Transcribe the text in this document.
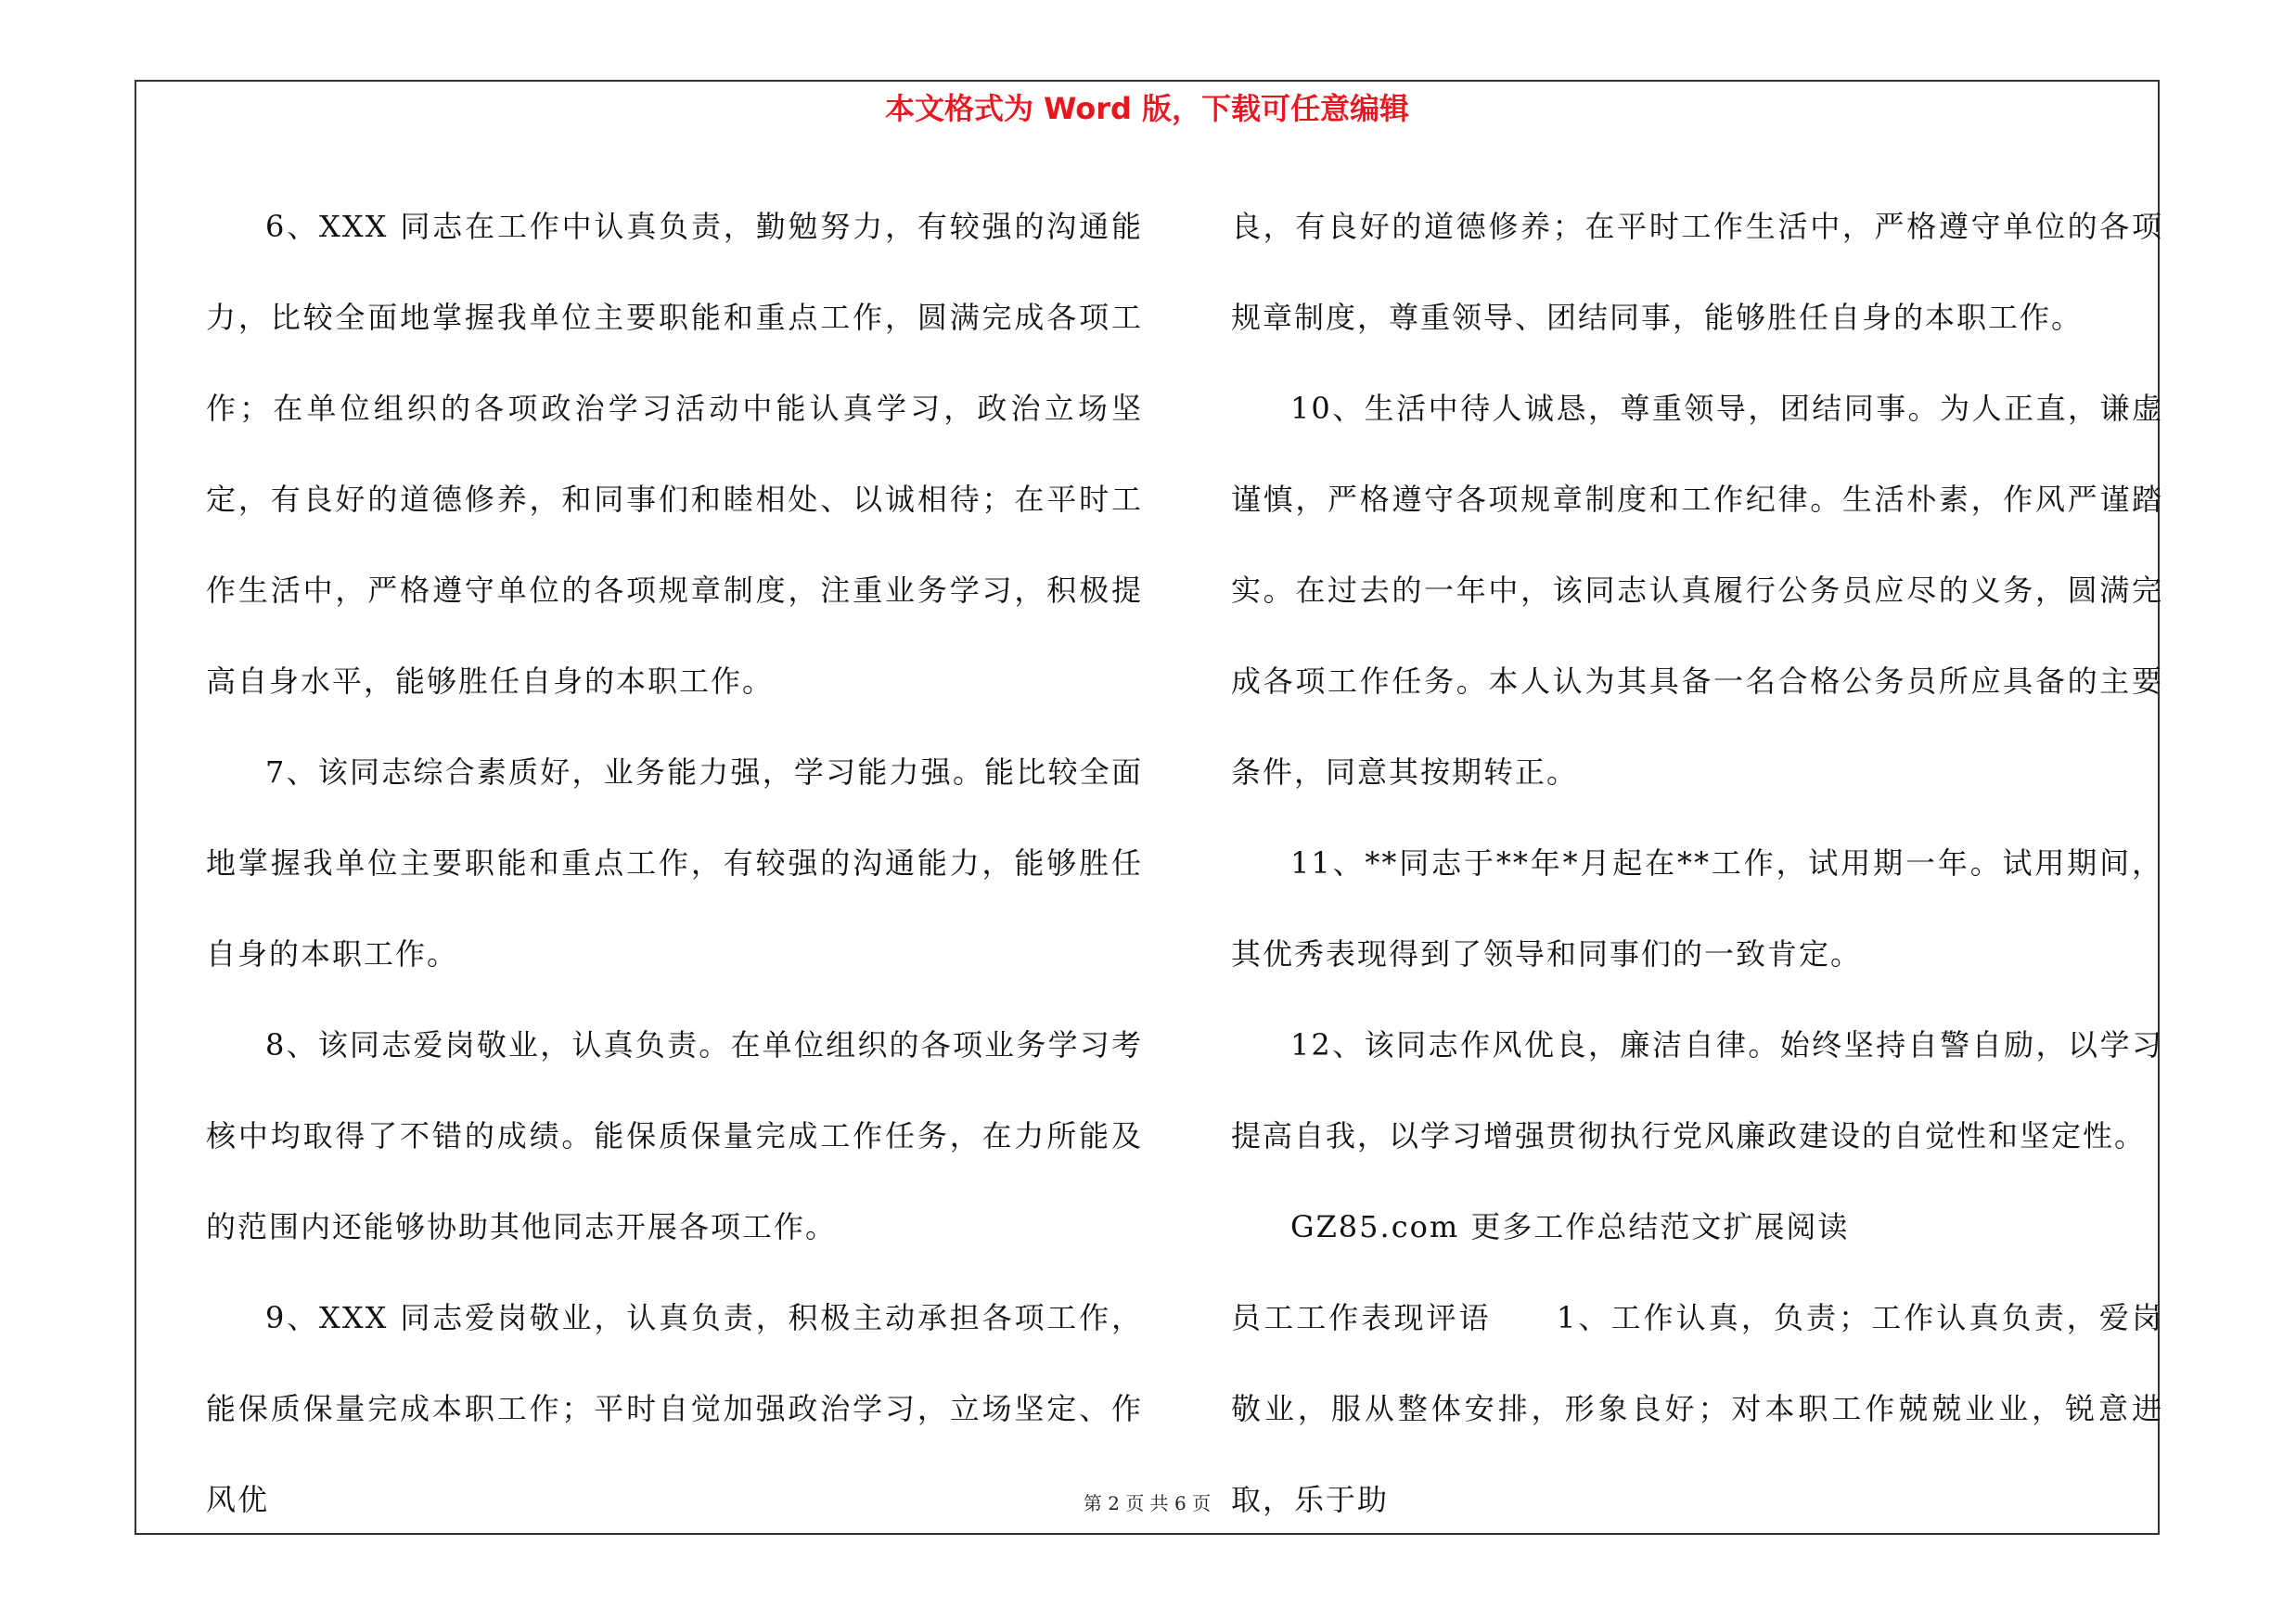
本文格式为 Word 版，下载可任意编辑

6、XXX 同志在工作中认真负责，勤勉努力，有较强的沟通能力，比较全面地掌握我单位主要职能和重点工作，圆满完成各项工作；在单位组织的各项政治学习活动中能认真学习，政治立场坚定，有良好的道德修养，和同事们和睦相处、以诚相待；在平时工作生活中，严格遵守单位的各项规章制度，注重业务学习，积极提高自身水平，能够胜任自身的本职工作。

7、该同志综合素质好，业务能力强，学习能力强。能比较全面地掌握我单位主要职能和重点工作，有较强的沟通能力，能够胜任自身的本职工作。

8、该同志爱岗敬业，认真负责。在单位组织的各项业务学习考核中均取得了不错的成绩。能保质保量完成工作任务，在力所能及的范围内还能够协助其他同志开展各项工作。

9、XXX 同志爱岗敬业，认真负责，积极主动承担各项工作，能保质保量完成本职工作；平时自觉加强政治学习，立场坚定、作风优

良，有良好的道德修养；在平时工作生活中，严格遵守单位的各项规章制度，尊重领导、团结同事，能够胜任自身的本职工作。

10、生活中待人诚恳，尊重领导，团结同事。为人正直，谦虚谨慎，严格遵守各项规章制度和工作纪律。生活朴素，作风严谨踏实。在过去的一年中，该同志认真履行公务员应尽的义务，圆满完成各项工作任务。本人认为其具备一名合格公务员所应具备的主要条件，同意其按期转正。

11、**同志于**年*月起在**工作，试用期一年。试用期间，其优秀表现得到了领导和同事们的一致肯定。

12、该同志作风优良，廉洁自律。始终坚持自警自励，以学习提高自我，以学习增强贯彻执行党风廉政建设的自觉性和坚定性。

GZ85.com 更多工作总结范文扩展阅读

员工工作表现评语　　1、工作认真，负责；工作认真负责，爱岗敬业，服从整体安排，形象良好；对本职工作兢兢业业，锐意进取，乐于助

第 2 页 共 6 页
